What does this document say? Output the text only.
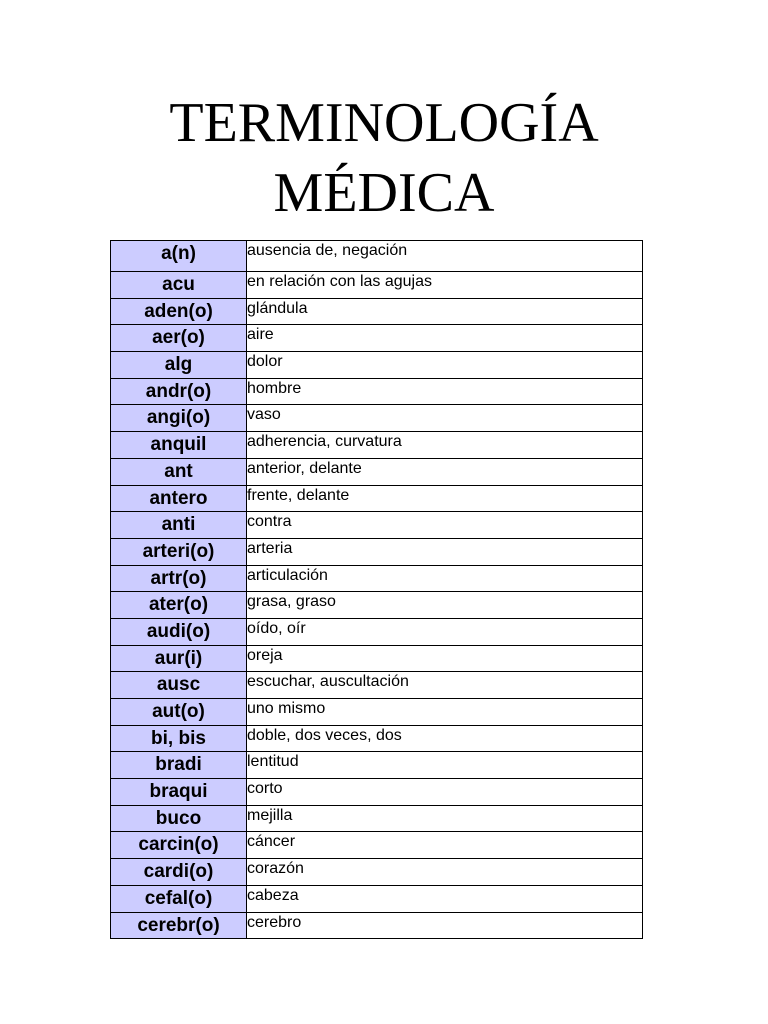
TERMINOLOGÍA
MÉDICA
a(n)	ausencia de, negación
acu	en relación con las agujas
aden(o)	glándula
aer(o)	aire
alg	dolor
andr(o)	hombre
angi(o)	vaso
anquil	adherencia, curvatura
ant	anterior, delante
antero	frente, delante
anti	contra
arteri(o)	arteria
artr(o)	articulación
ater(o)	grasa, graso
audi(o)	oído, oír
aur(i)	oreja
ausc	escuchar, auscultación
aut(o)	uno mismo
bi, bis	doble, dos veces, dos
bradi	lentitud
braqui	corto
buco	mejilla
carcin(o)	cáncer
cardi(o)	corazón
cefal(o)	cabeza
cerebr(o)	cerebro
